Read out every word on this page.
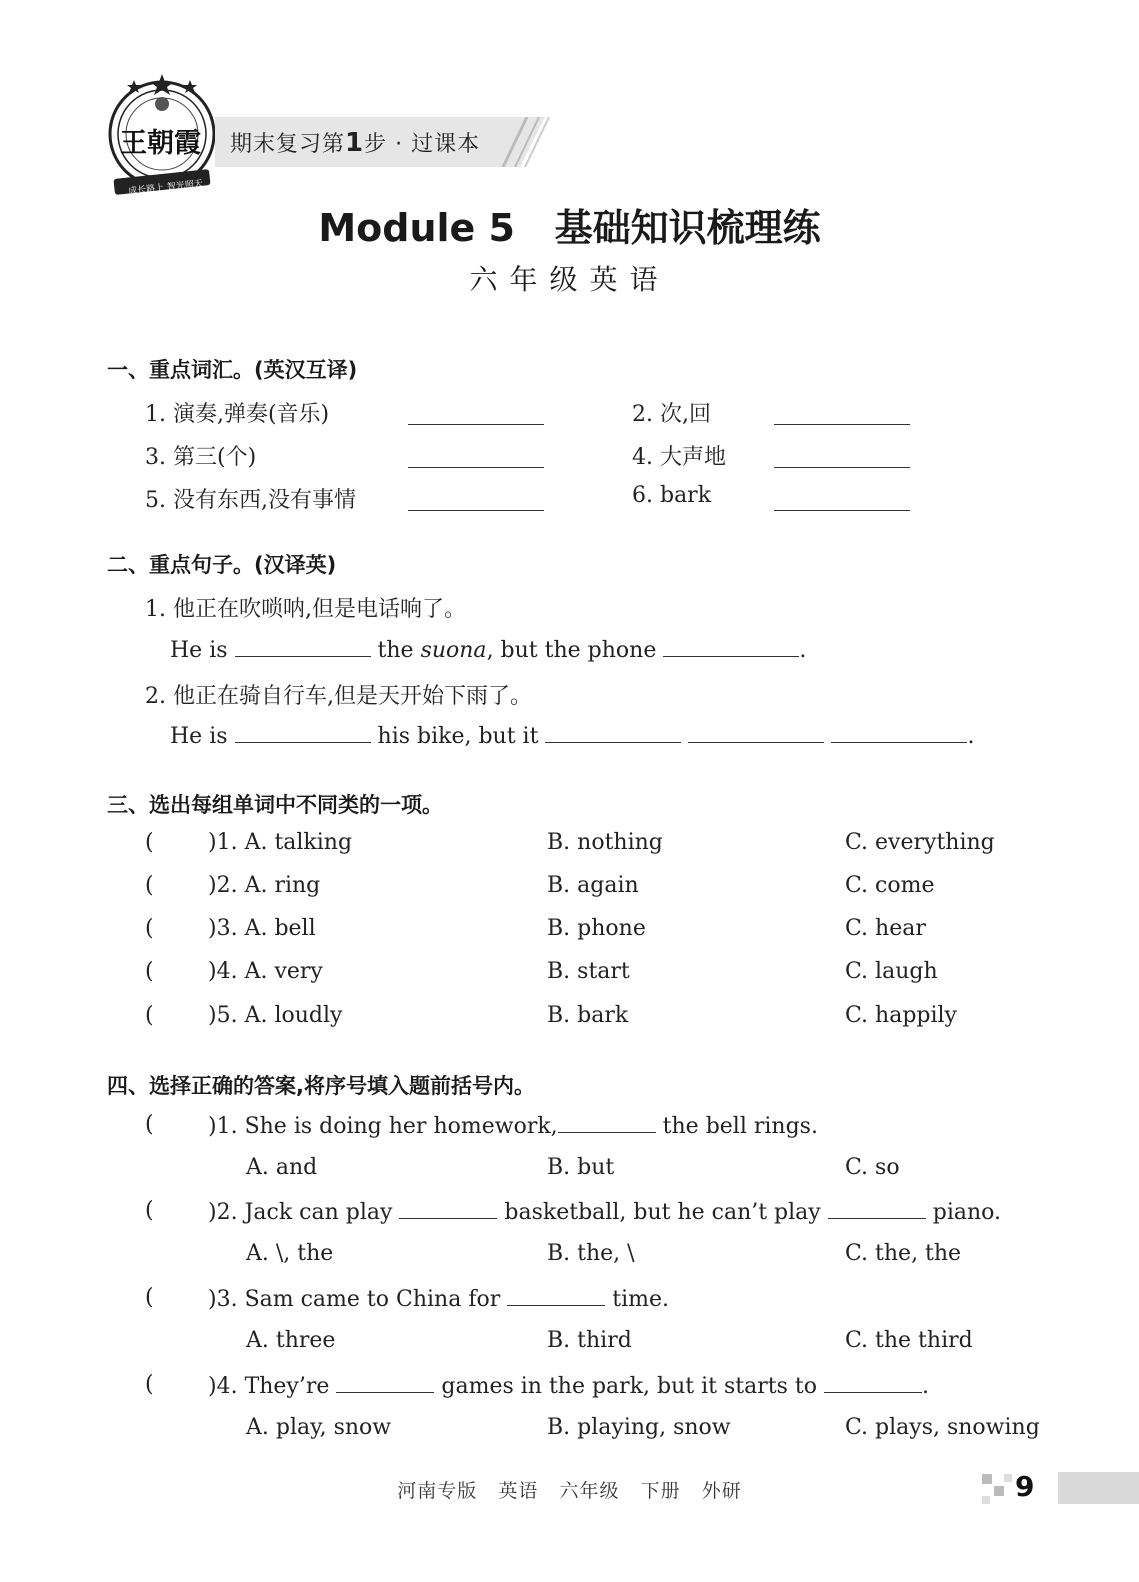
王朝霞
成长路上 智光照天
期末复习第1步 · 过课本
Module 5   基础知识梳理练
六年级英语
一、重点词汇。(英汉互译)
1. 演奏,弹奏(音乐)	2. 次,回
3. 第三(个)	4. 大声地
5. 没有东西,没有事情	6. bark
二、重点句子。(汉译英)
1. 他正在吹唢呐,但是电话响了。
He is	the suona, but the phone	.
2. 他正在骑自行车,但是天开始下雨了。
He is	his bike, but it	.
三、选出每组单词中不同类的一项。
( )1. A. talking	B. nothing	C. everything
( )2. A. ring	B. again	C. come
( )3. A. bell	B. phone	C. hear
( )4. A. very	B. start	C. laugh
( )5. A. loudly	B. bark	C. happily
四、选择正确的答案,将序号填入题前括号内。
( )1. She is doing her homework,	the bell rings.
A. and	B. but	C. so
( )2. Jack can play	basketball, but he can’t play	piano.
A. \, the	B. the, \	C. the, the
( )3. Sam came to China for	time.
A. three	B. third	C. the third
( )4. They’re	games in the park, but it starts to	.
A. play, snow	B. playing, snow	C. plays, snowing
河南专版   英语   六年级   下册   外研	9
